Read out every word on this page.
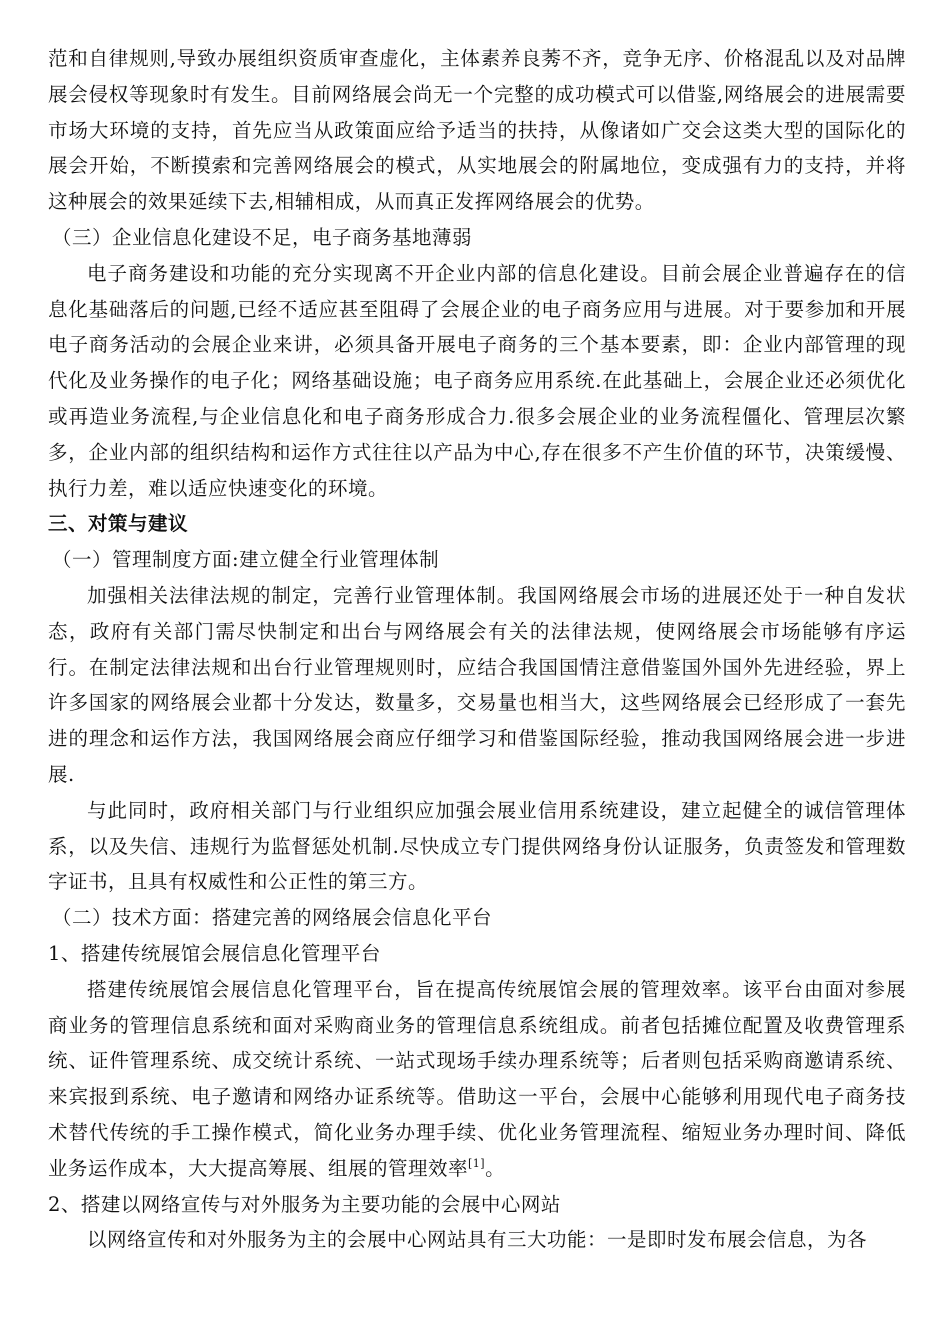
范和自律规则,导致办展组织资质审查虚化，主体素养良莠不齐，竞争无序、价格混乱以及对品牌展会侵权等现象时有发生。目前网络展会尚无一个完整的成功模式可以借鉴,网络展会的进展需要市场大环境的支持，首先应当从政策面应给予适当的扶持，从像诸如广交会这类大型的国际化的展会开始，不断摸索和完善网络展会的模式，从实地展会的附属地位，变成强有力的支持，并将这种展会的效果延续下去,相辅相成，从而真正发挥网络展会的优势。

（三）企业信息化建设不足，电子商务基地薄弱

电子商务建设和功能的充分实现离不开企业内部的信息化建设。目前会展企业普遍存在的信息化基础落后的问题,已经不适应甚至阻碍了会展企业的电子商务应用与进展。对于要参加和开展电子商务活动的会展企业来讲，必须具备开展电子商务的三个基本要素，即：企业内部管理的现代化及业务操作的电子化；网络基础设施；电子商务应用系统.在此基础上，会展企业还必须优化或再造业务流程,与企业信息化和电子商务形成合力.很多会展企业的业务流程僵化、管理层次繁多，企业内部的组织结构和运作方式往往以产品为中心,存在很多不产生价值的环节，决策缓慢、执行力差，难以适应快速变化的环境。

三、对策与建议

（一）管理制度方面:建立健全行业管理体制

加强相关法律法规的制定，完善行业管理体制。我国网络展会市场的进展还处于一种自发状态，政府有关部门需尽快制定和出台与网络展会有关的法律法规，使网络展会市场能够有序运行。在制定法律法规和出台行业管理规则时，应结合我国国情注意借鉴国外国外先进经验，界上许多国家的网络展会业都十分发达，数量多，交易量也相当大，这些网络展会已经形成了一套先进的理念和运作方法，我国网络展会商应仔细学习和借鉴国际经验，推动我国网络展会进一步进展.

与此同时，政府相关部门与行业组织应加强会展业信用系统建设，建立起健全的诚信管理体系，以及失信、违规行为监督惩处机制.尽快成立专门提供网络身份认证服务，负责签发和管理数字证书，且具有权威性和公正性的第三方。

（二）技术方面：搭建完善的网络展会信息化平台

1、搭建传统展馆会展信息化管理平台

搭建传统展馆会展信息化管理平台，旨在提高传统展馆会展的管理效率。该平台由面对参展商业务的管理信息系统和面对采购商业务的管理信息系统组成。前者包括摊位配置及收费管理系统、证件管理系统、成交统计系统、一站式现场手续办理系统等；后者则包括采购商邀请系统、来宾报到系统、电子邀请和网络办证系统等。借助这一平台，会展中心能够利用现代电子商务技术替代传统的手工操作模式，简化业务办理手续、优化业务管理流程、缩短业务办理时间、降低业务运作成本，大大提高筹展、组展的管理效率[1]。

2、搭建以网络宣传与对外服务为主要功能的会展中心网站

以网络宣传和对外服务为主的会展中心网站具有三大功能：一是即时发布展会信息，为各
